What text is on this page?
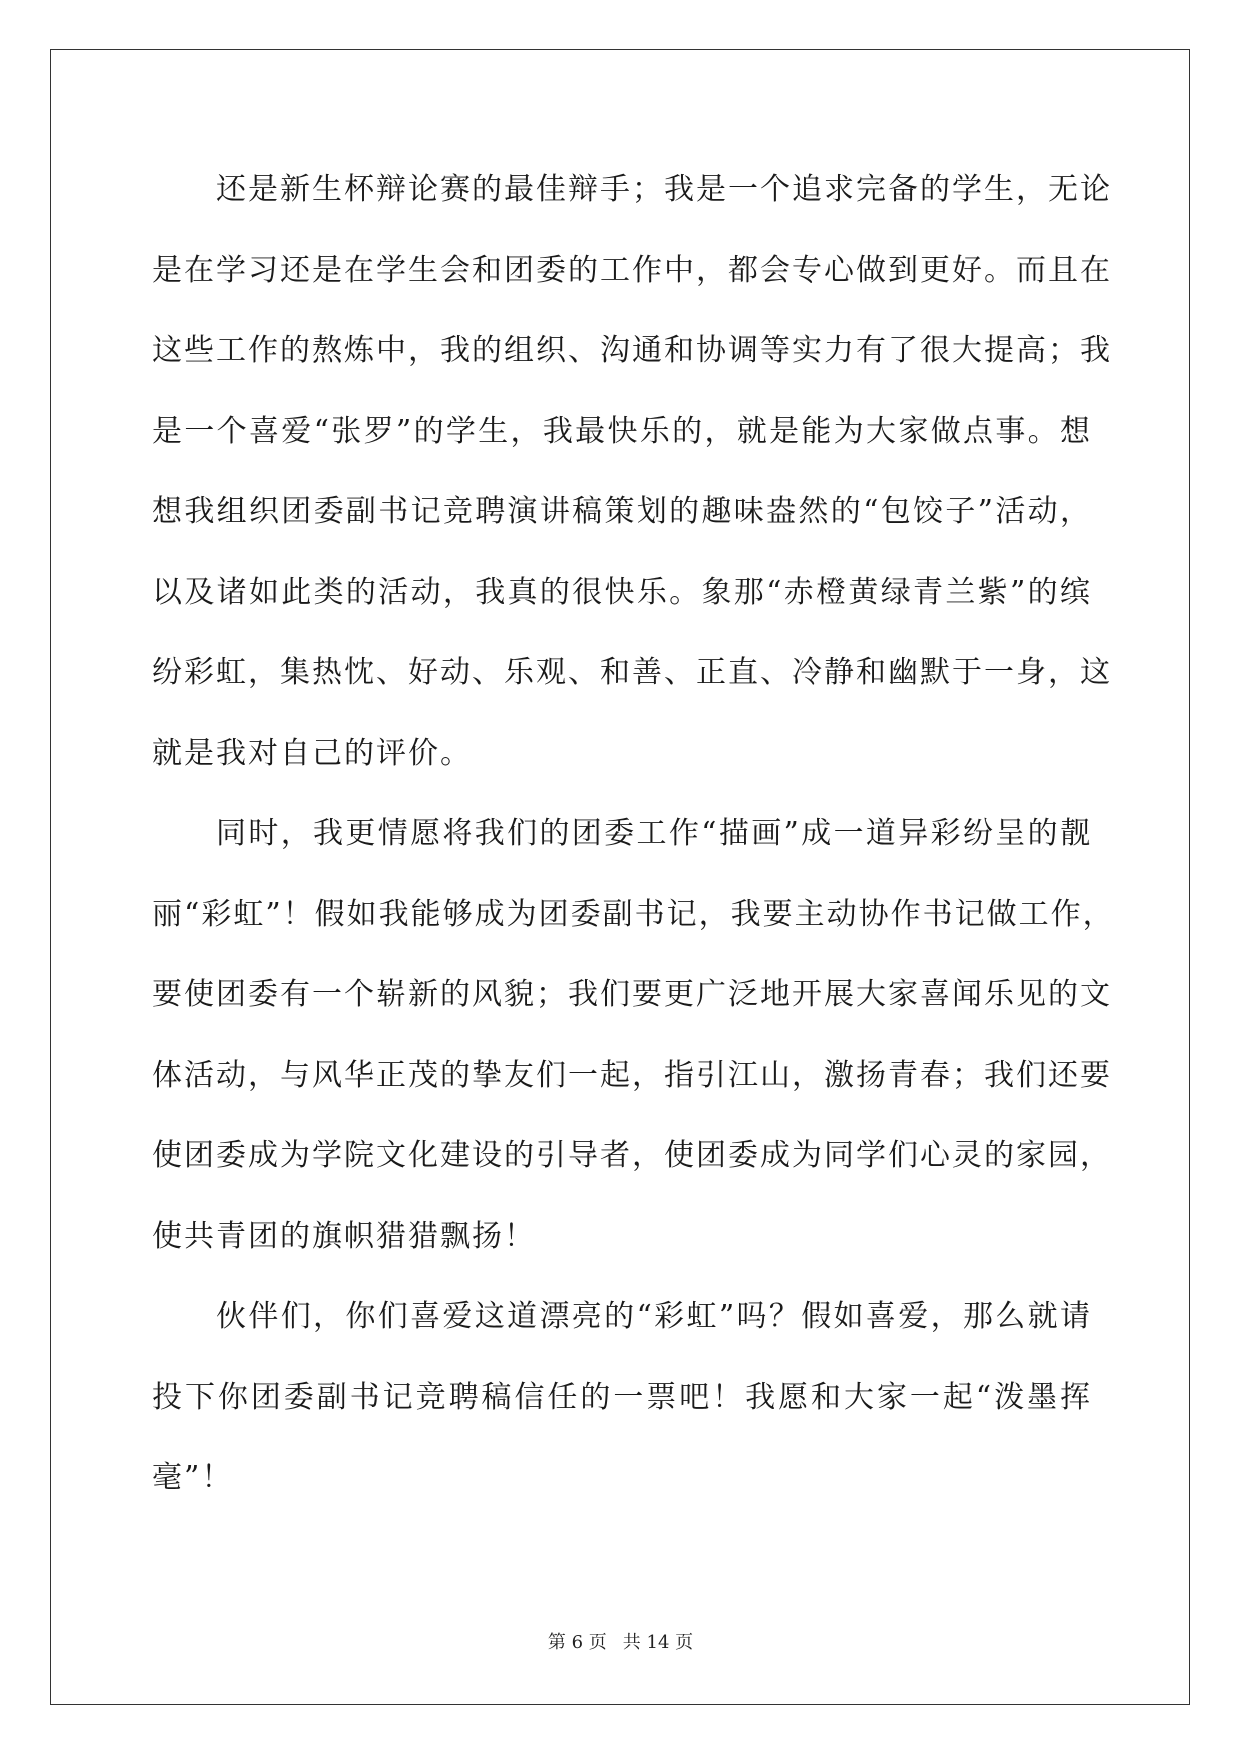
还是新生杯辩论赛的最佳辩手；我是一个追求完备的学生，无论
是在学习还是在学生会和团委的工作中，都会专心做到更好。而且在
这些工作的熬炼中，我的组织、沟通和协调等实力有了很大提高；我
是一个喜爱“张罗”的学生，我最快乐的，就是能为大家做点事。想
想我组织团委副书记竞聘演讲稿策划的趣味盎然的“包饺子”活动，
以及诸如此类的活动，我真的很快乐。象那“赤橙黄绿青兰紫”的缤
纷彩虹，集热忱、好动、乐观、和善、正直、冷静和幽默于一身，这
就是我对自己的评价。
同时，我更情愿将我们的团委工作“描画”成一道异彩纷呈的靓
丽“彩虹”！假如我能够成为团委副书记，我要主动协作书记做工作，
要使团委有一个崭新的风貌；我们要更广泛地开展大家喜闻乐见的文
体活动，与风华正茂的挚友们一起，指引江山，激扬青春；我们还要
使团委成为学院文化建设的引导者，使团委成为同学们心灵的家园，
使共青团的旗帜猎猎飘扬！
伙伴们，你们喜爱这道漂亮的“彩虹”吗？假如喜爱，那么就请
投下你团委副书记竞聘稿信任的一票吧！我愿和大家一起“泼墨挥
毫”！
第 6 页 共 14 页
